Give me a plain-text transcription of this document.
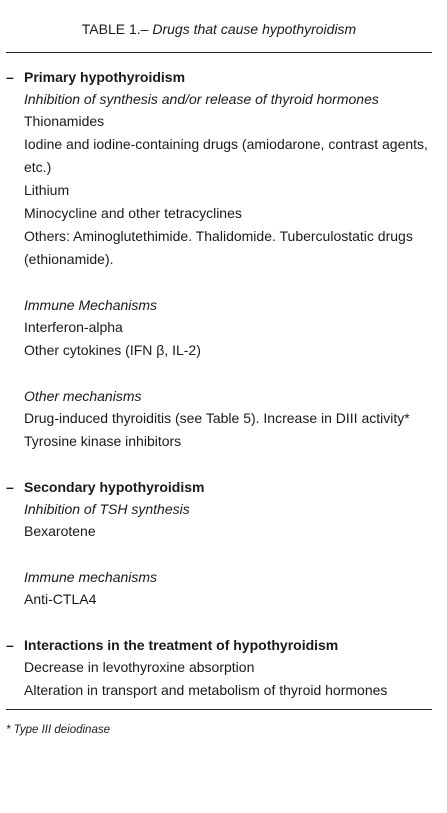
TABLE 1.– Drugs that cause hypothyroidism
– Primary hypothyroidism
Inhibition of synthesis and/or release of thyroid hormones
Thionamides
Iodine and iodine-containing drugs (amiodarone, contrast agents, etc.)
Lithium
Minocycline and other tetracyclines
Others: Aminoglutethimide. Thalidomide. Tuberculostatic drugs (ethionamide).
Immune Mechanisms
Interferon-alpha
Other cytokines (IFN β, IL-2)
Other mechanisms
Drug-induced thyroiditis (see Table 5). Increase in DIII activity*
Tyrosine kinase inhibitors
– Secondary hypothyroidism
Inhibition of TSH synthesis
Bexarotene
Immune mechanisms
Anti-CTLA4
– Interactions in the treatment of hypothyroidism
Decrease in levothyroxine absorption
Alteration in transport and metabolism of thyroid hormones
* Type III deiodinase
